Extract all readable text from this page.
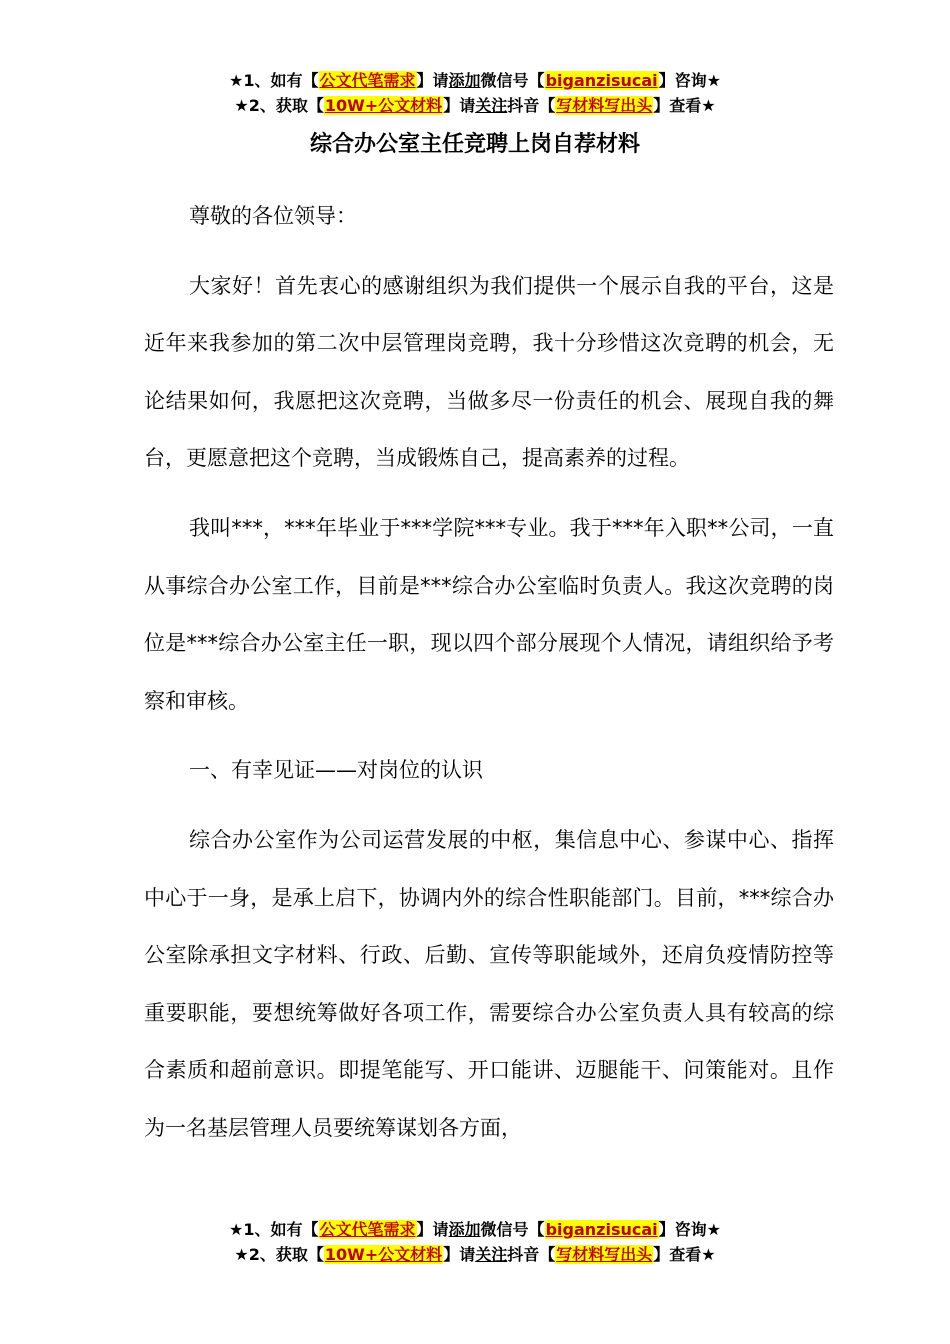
★1、如有【公文代笔需求】请添加微信号【biganzisucai】咨询★
★2、获取【10W+公文材料】请关注抖音【写材料写出头】查看★
综合办公室主任竞聘上岗自荐材料

尊敬的各位领导：

大家好！首先衷心的感谢组织为我们提供一个展示自我的平台，这是近年来我参加的第二次中层管理岗竞聘，我十分珍惜这次竞聘的机会，无论结果如何，我愿把这次竞聘，当做多尽一份责任的机会、展现自我的舞台，更愿意把这个竞聘，当成锻炼自己，提高素养的过程。

我叫***，***年毕业于***学院***专业。我于***年入职**公司，一直从事综合办公室工作，目前是***综合办公室临时负责人。我这次竞聘的岗位是***综合办公室主任一职，现以四个部分展现个人情况，请组织给予考察和审核。

一、有幸见证——对岗位的认识

综合办公室作为公司运营发展的中枢，集信息中心、参谋中心、指挥中心于一身，是承上启下，协调内外的综合性职能部门。目前，***综合办公室除承担文字材料、行政、后勤、宣传等职能域外，还肩负疫情防控等重要职能，要想统筹做好各项工作，需要综合办公室负责人具有较高的综合素质和超前意识。即提笔能写、开口能讲、迈腿能干、问策能对。且作为一名基层管理人员要统筹谋划各方面，

★1、如有【公文代笔需求】请添加微信号【biganzisucai】咨询★
★2、获取【10W+公文材料】请关注抖音【写材料写出头】查看★
